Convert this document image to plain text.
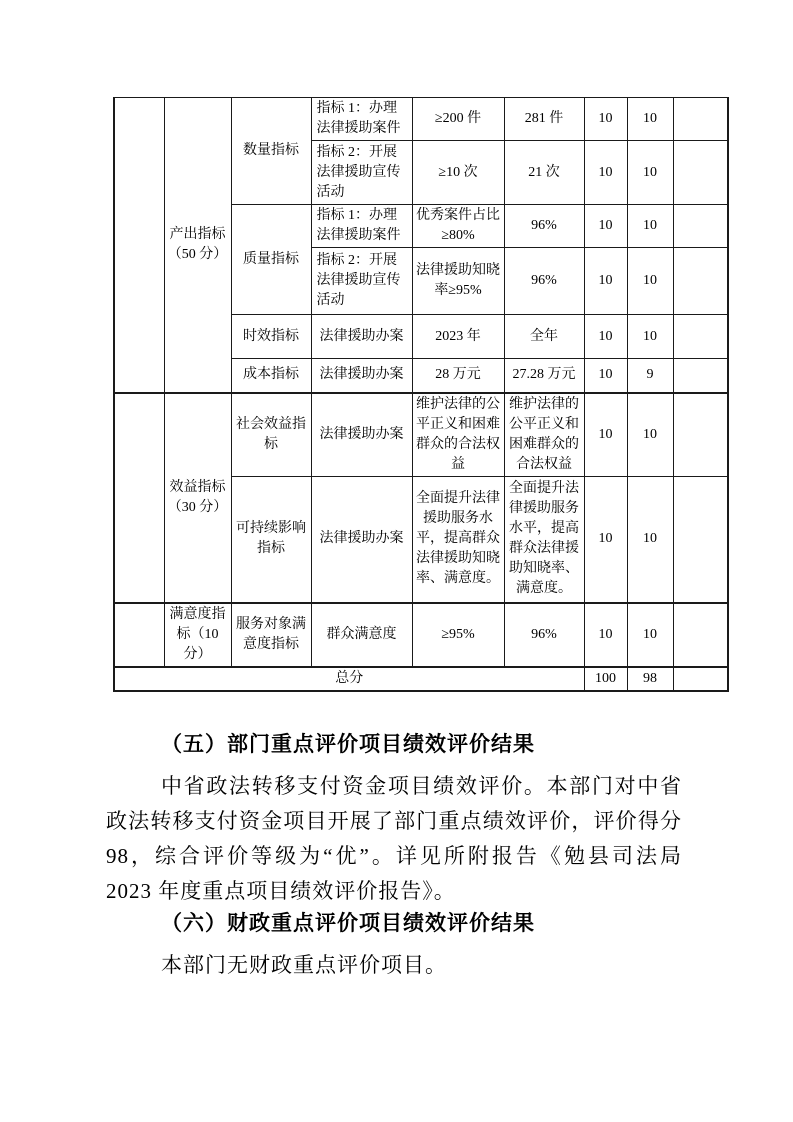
	产出指标（50 分）	数量指标	指标 1：办理法律援助案件	≥200 件	281 件	10	10	
			指标 2：开展法律援助宣传活动	≥10 次	21 次	10	10	
		质量指标	指标 1：办理法律援助案件	优秀案件占比≥80%	96%	10	10	
			指标 2：开展法律援助宣传活动	法律援助知晓率≥95%	96%	10	10	
		时效指标	法律援助办案	2023 年	全年	10	10	
		成本指标	法律援助办案	28 万元	27.28 万元	10	9	
	效益指标（30 分）	社会效益指标	法律援助办案	维护法律的公平正义和困难群众的合法权益	维护法律的公平正义和困难群众的合法权益	10	10	
		可持续影响指标	法律援助办案	全面提升法律援助服务水平，提高群众法律援助知晓率、满意度。	全面提升法律援助服务水平，提高群众法律援助知晓率、满意度。	10	10	
	满意度指标（10 分）	服务对象满意度指标	群众满意度	≥95%	96%	10	10	
总分						100	98	
（五）部门重点评价项目绩效评价结果
中省政法转移支付资金项目绩效评价。本部门对中省政法转移支付资金项目开展了部门重点绩效评价，评价得分 98，综合评价等级为“优”。详见所附报告《勉县司法局 2023 年度重点项目绩效评价报告》。
（六）财政重点评价项目绩效评价结果
本部门无财政重点评价项目。
